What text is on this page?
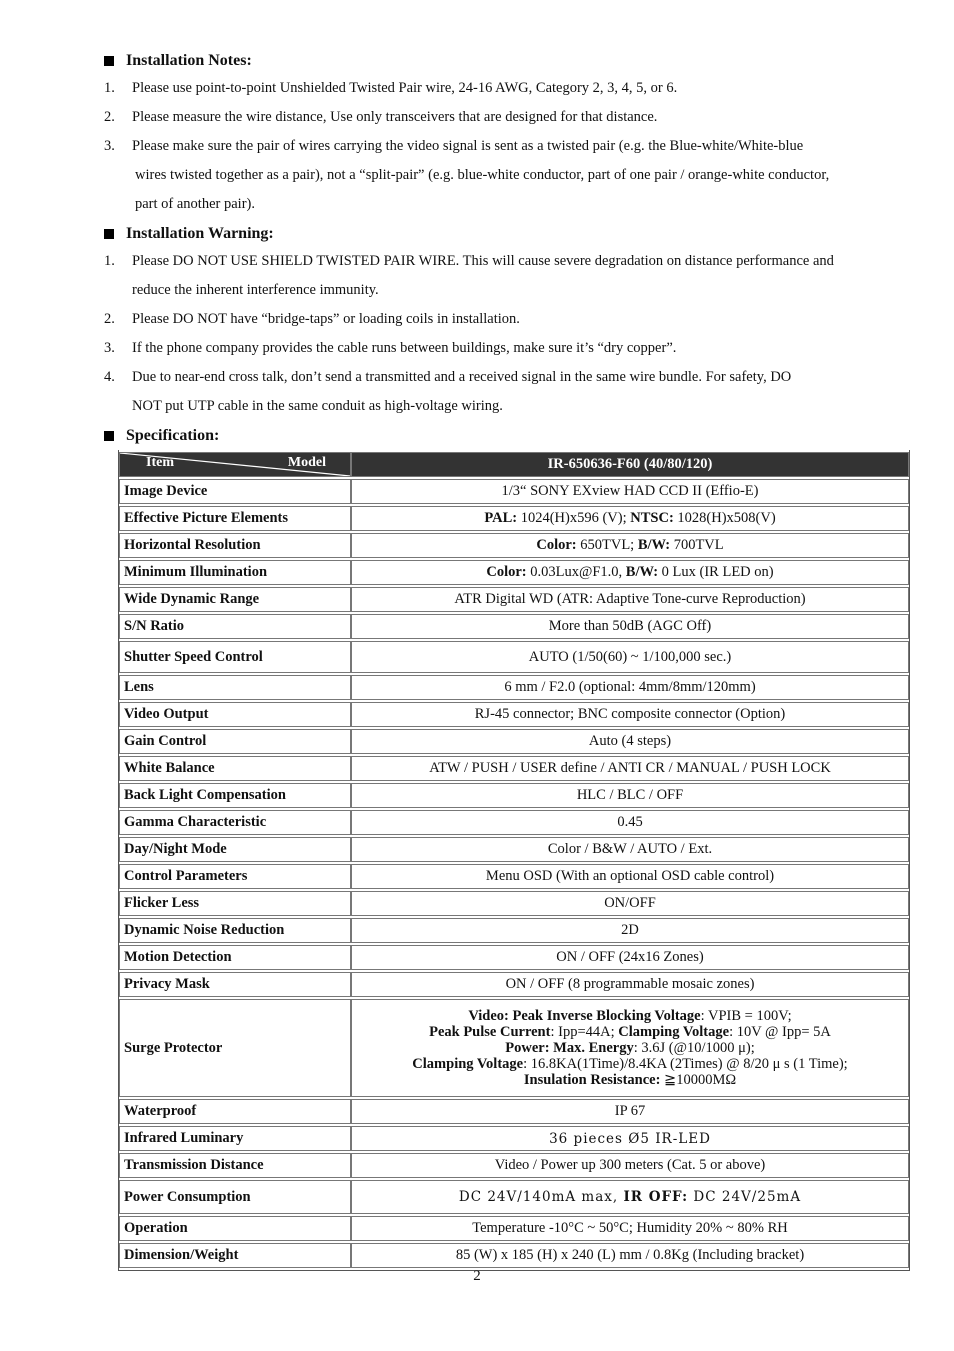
Installation Notes:
1.	Please use point-to-point Unshielded Twisted Pair wire, 24-16 AWG, Category 2, 3, 4, 5, or 6.
2.	Please measure the wire distance, Use only transceivers that are designed for that distance.
3.	Please make sure the pair of wires carrying the video signal is sent as a twisted pair (e.g. the Blue-white/White-blue
wires twisted together as a pair), not a “split-pair” (e.g. blue-white conductor, part of one pair / orange-white conductor,
part of another pair).
Installation Warning:
1.	Please DO NOT USE SHIELD TWISTED PAIR WIRE. This will cause severe degradation on distance performance and
reduce the inherent interference immunity.
2.	Please DO NOT have “bridge-taps” or loading coils in installation.
3.	If the phone company provides the cable runs between buildings, make sure it’s “dry copper”.
4.	Due to near-end cross talk, don’t send a transmitted and a received signal in the same wire bundle. For safety, DO
NOT put UTP cable in the same conduit as high-voltage wiring.
Specification:
Item Model	IR-650636-F60 (40/80/120)
Image Device	1/3“ SONY EXview HAD CCD II (Effio-E)
Effective Picture Elements	PAL: 1024(H)x596 (V); NTSC: 1028(H)x508(V)
Horizontal Resolution	Color: 650TVL; B/W: 700TVL
Minimum Illumination	Color: 0.03Lux@F1.0, B/W: 0 Lux (IR LED on)
Wide Dynamic Range	ATR Digital WD (ATR: Adaptive Tone-curve Reproduction)
S/N Ratio	More than 50dB (AGC Off)
Shutter Speed Control	AUTO (1/50(60) ~ 1/100,000 sec.)
Lens	6 mm / F2.0 (optional: 4mm/8mm/120mm)
Video Output	RJ-45 connector; BNC composite connector (Option)
Gain Control	Auto (4 steps)
White Balance	ATW / PUSH / USER define / ANTI CR / MANUAL / PUSH LOCK
Back Light Compensation	HLC / BLC / OFF
Gamma Characteristic	0.45
Day/Night Mode	Color / B&W / AUTO / Ext.
Control Parameters	Menu OSD (With an optional OSD cable control)
Flicker Less	ON/OFF
Dynamic Noise Reduction	2D
Motion Detection	ON / OFF (24x16 Zones)
Privacy Mask	ON / OFF (8 programmable mosaic zones)
Surge Protector	Video: Peak Inverse Blocking Voltage: VPIB = 100V;
Peak Pulse Current: Ipp=44A; Clamping Voltage: 10V @ Ipp= 5A
Power: Max. Energy: 3.6J (@10/1000 μ);
Clamping Voltage: 16.8KA(1Time)/8.4KA (2Times) @ 8/20 μ s (1 Time);
Insulation Resistance: ≧10000MΩ

Waterproof	IP 67
Infrared Luminary	36 pieces Ø5 IR-LED
Transmission Distance	Video / Power up 300 meters (Cat. 5 or above)
Power Consumption	DC 24V/140mA max, IR OFF: DC 24V/25mA
Operation	Temperature -10°C ~ 50°C; Humidity 20% ~ 80% RH
Dimension/Weight	85 (W) x 185 (H) x 240 (L) mm / 0.8Kg (Including bracket)
2
